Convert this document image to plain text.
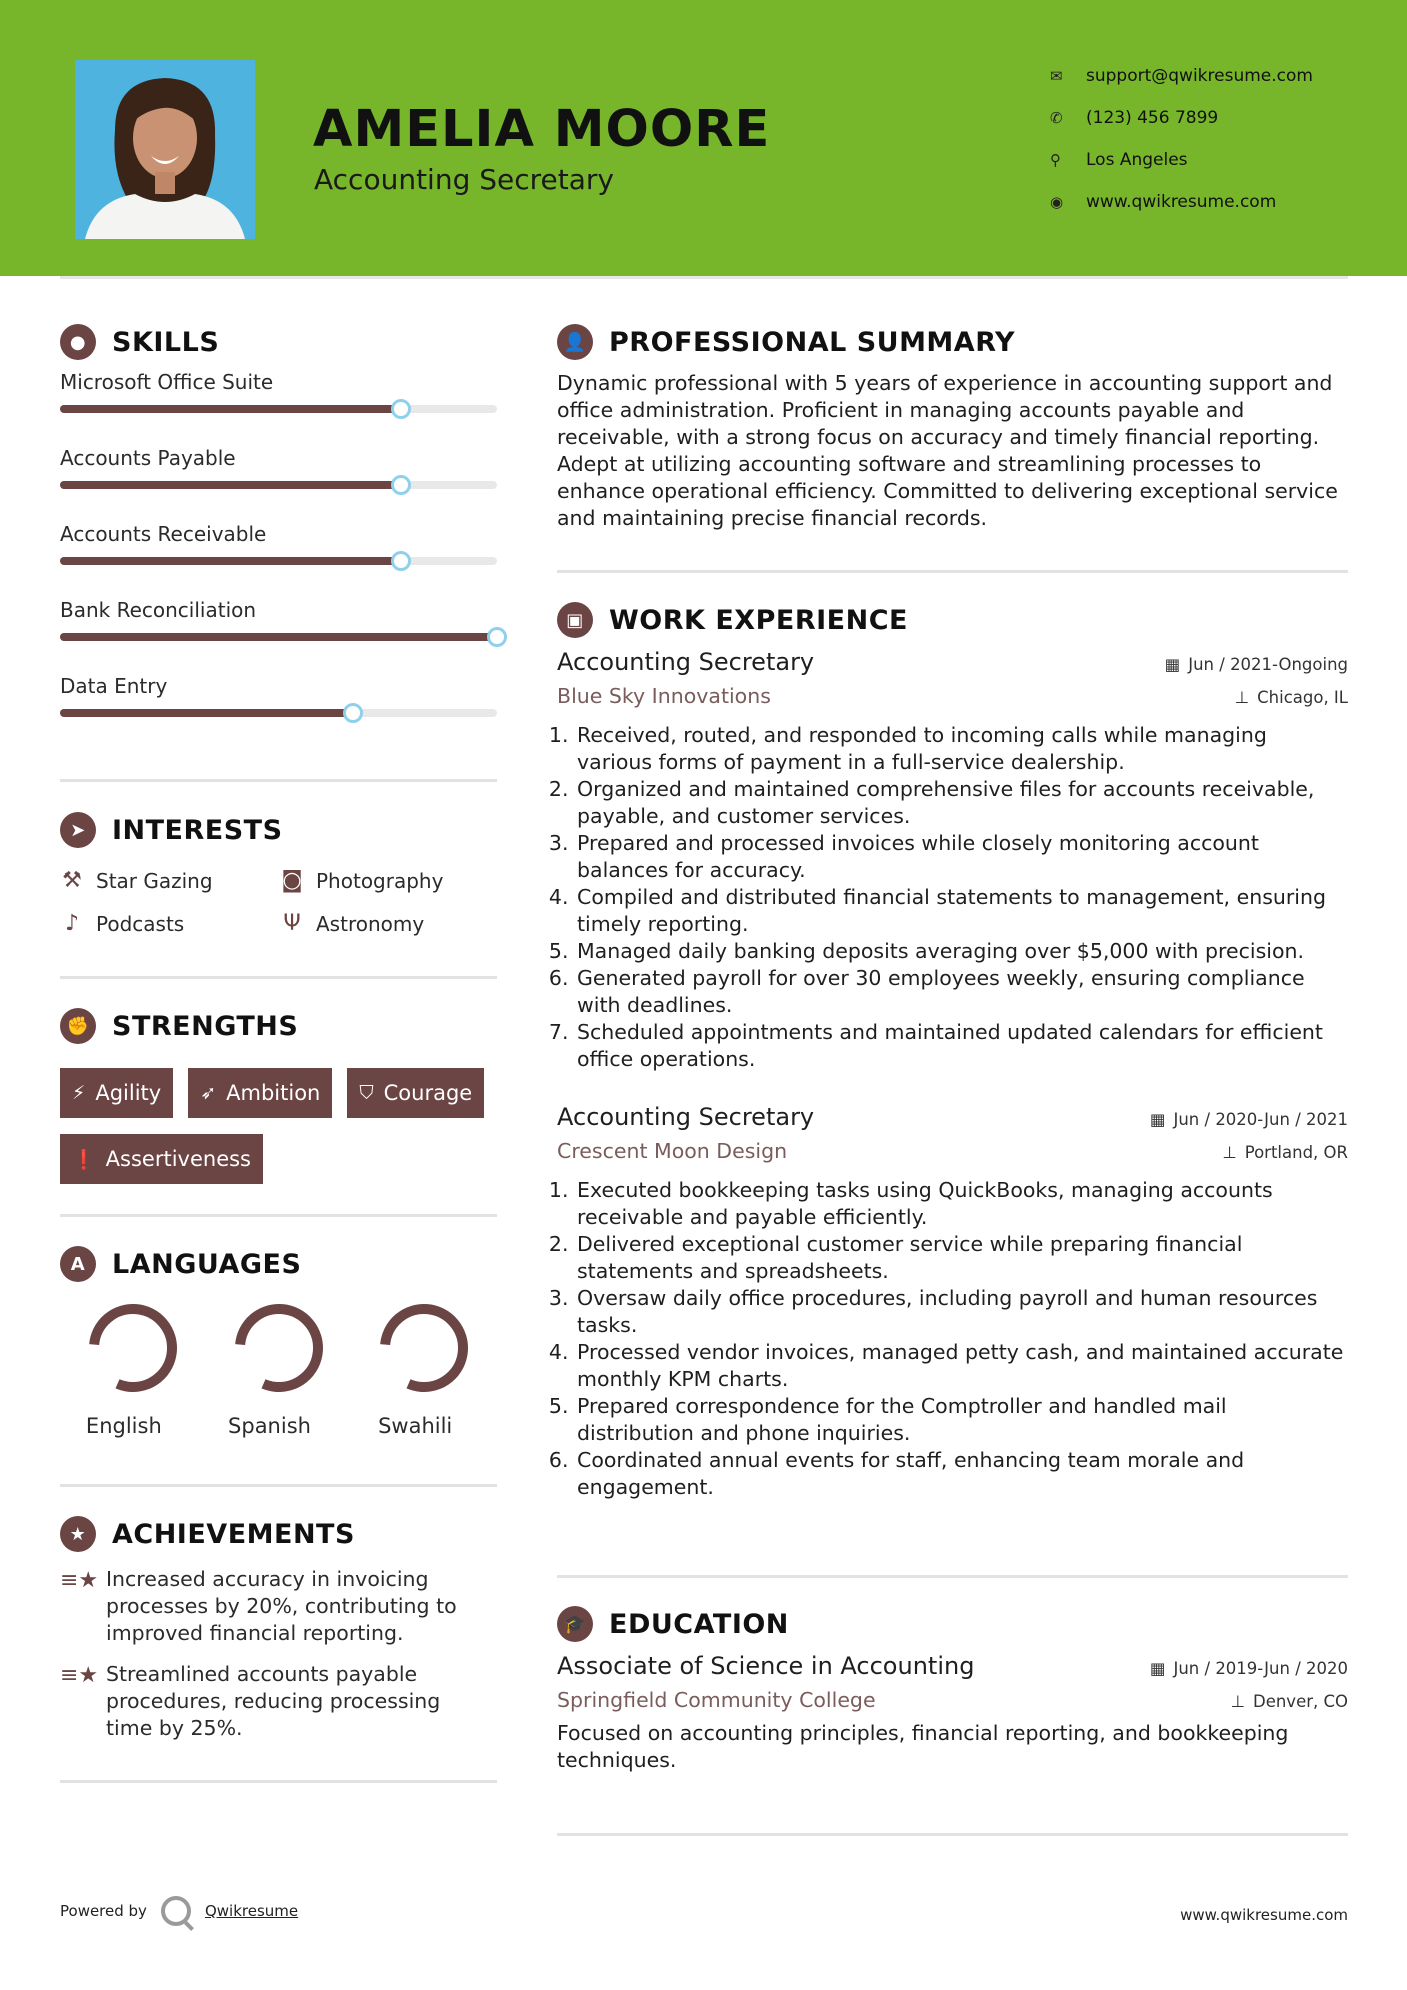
AMELIA MOORE
Accounting Secretary
✉	support@qwikresume.com
✆	(123) 456 7899
⚲	Los Angeles
◉	www.qwikresume.com
● SKILLS
Microsoft Office Suite
Accounts Payable
Accounts Receivable
Bank Reconciliation
Data Entry
➤ INTERESTS
⚒ Star Gazing	◙ Photography
♪ Podcasts	Ψ Astronomy
✊ STRENGTHS
⚡ Agility ➶ Ambition ⛉ Courage
❗ Assertiveness
A LANGUAGES
English	Spanish	Swahili
★ ACHIEVEMENTS
≡★ Increased accuracy in invoicing processes by 20%, contributing to improved financial reporting.
≡★ Streamlined accounts payable procedures, reducing processing time by 25%.
👤 PROFESSIONAL SUMMARY

Dynamic professional with 5 years of experience in accounting support and office administration. Proficient in managing accounts payable and receivable, with a strong focus on accuracy and timely financial reporting. Adept at utilizing accounting software and streamlining processes to enhance operational efficiency. Committed to delivering exceptional service and maintaining precise financial records.

▣ WORK EXPERIENCE
Accounting Secretary	▦ Jun / 2021-Ongoing
Blue Sky Innovations	⊥ Chicago, IL
1. Received, routed, and responded to incoming calls while managing various forms of payment in a full-service dealership.
2. Organized and maintained comprehensive files for accounts receivable, payable, and customer services.
3. Prepared and processed invoices while closely monitoring account balances for accuracy.
4. Compiled and distributed financial statements to management, ensuring timely reporting.
5. Managed daily banking deposits averaging over $5,000 with precision.
6. Generated payroll for over 30 employees weekly, ensuring compliance with deadlines.
7. Scheduled appointments and maintained updated calendars for efficient office operations.
Accounting Secretary	▦ Jun / 2020-Jun / 2021
Crescent Moon Design	⊥ Portland, OR
1. Executed bookkeeping tasks using QuickBooks, managing accounts receivable and payable efficiently.
2. Delivered exceptional customer service while preparing financial statements and spreadsheets.
3. Oversaw daily office procedures, including payroll and human resources tasks.
4. Processed vendor invoices, managed petty cash, and maintained accurate monthly KPM charts.
5. Prepared correspondence for the Comptroller and handled mail distribution and phone inquiries.
6. Coordinated annual events for staff, enhancing team morale and engagement.
🎓 EDUCATION
Associate of Science in Accounting	▦ Jun / 2019-Jun / 2020
Springfield Community College	⊥ Denver, CO

Focused on accounting principles, financial reporting, and bookkeeping techniques.

Powered by	Qwikresume	www.qwikresume.com
